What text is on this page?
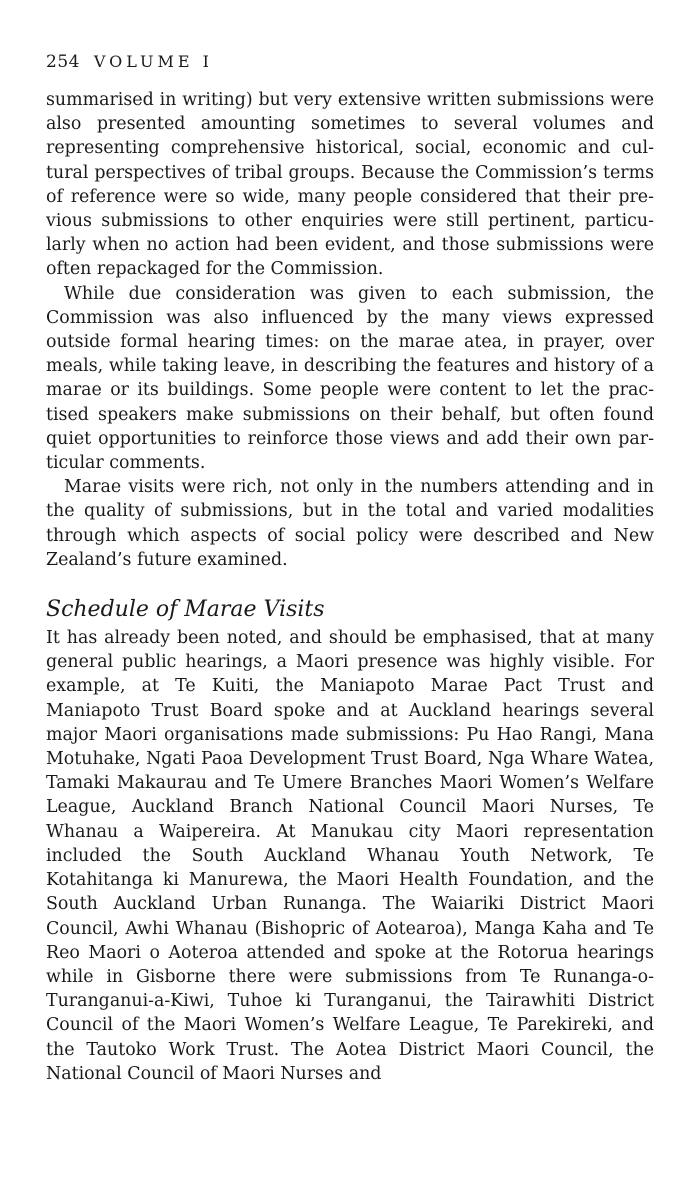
254 VOLUME I

summarised in writing) but very extensive written submissions were also presented amounting sometimes to several volumes and representing comprehensive historical, social, economic and cultural perspectives of tribal groups. Because the Commission’s terms of reference were so wide, many people considered that their previous submissions to other enquiries were still pertinent, particularly when no action had been evident, and those submissions were often repackaged for the Commission.

While due consideration was given to each submission, the Commission was also influenced by the many views expressed outside formal hearing times: on the marae atea, in prayer, over meals, while taking leave, in describing the features and history of a marae or its buildings. Some people were content to let the practised speakers make submissions on their behalf, but often found quiet opportunities to reinforce those views and add their own particular comments.

Marae visits were rich, not only in the numbers attending and in the quality of submissions, but in the total and varied modalities through which aspects of social policy were described and New Zealand’s future examined.

Schedule of Marae Visits

It has already been noted, and should be emphasised, that at many general public hearings, a Maori presence was highly visible. For example, at Te Kuiti, the Maniapoto Marae Pact Trust and Maniapoto Trust Board spoke and at Auckland hearings several major Maori organisations made submissions: Pu Hao Rangi, Mana Motuhake, Ngati Paoa Development Trust Board, Nga Whare Watea, Tamaki Makaurau and Te Umere Branches Maori Women’s Welfare League, Auckland Branch National Council Maori Nurses, Te Whanau a Waipereira. At Manukau city Maori representation included the South Auckland Whanau Youth Network, Te Kotahitanga ki Manurewa, the Maori Health Foundation, and the South Auckland Urban Runanga. The Waiariki District Maori Council, Awhi Whanau (Bishopric of Aotearoa), Manga Kaha and Te Reo Maori o Aoteroa attended and spoke at the Rotorua hearings while in Gisborne there were submissions from Te Runanga-o-Turanganui-a-Kiwi, Tuhoe ki Turanganui, the Tairawhiti District Council of the Maori Women’s Welfare League, Te Parekireki, and the Tautoko Work Trust. The Aotea District Maori Council, the National Council of Maori Nurses and
